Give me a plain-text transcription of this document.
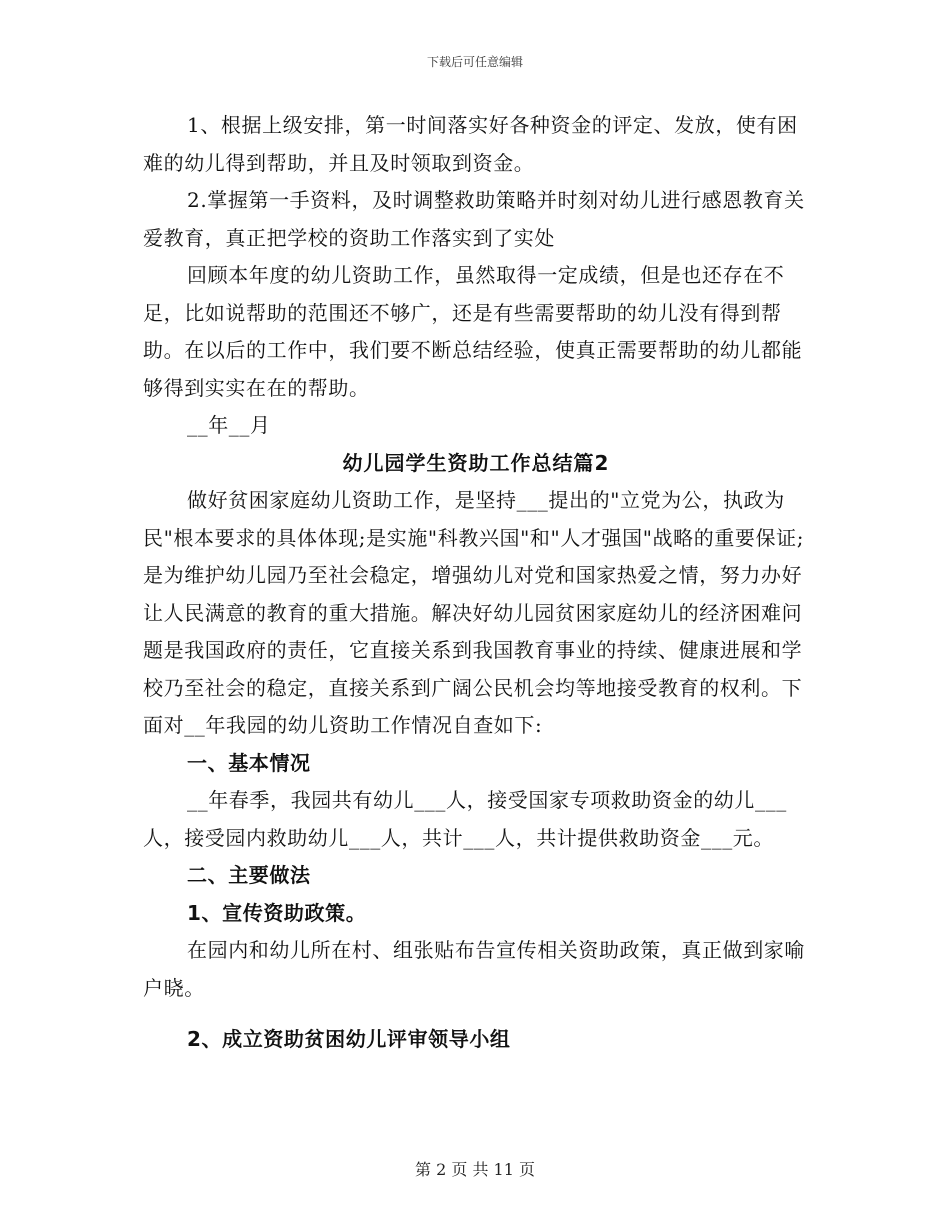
下载后可任意编辑

1、根据上级安排，第一时间落实好各种资金的评定、发放，使有困难的幼儿得到帮助，并且及时领取到资金。

2.掌握第一手资料，及时调整救助策略并时刻对幼儿进行感恩教育关爱教育，真正把学校的资助工作落实到了实处

回顾本年度的幼儿资助工作，虽然取得一定成绩，但是也还存在不足，比如说帮助的范围还不够广，还是有些需要帮助的幼儿没有得到帮助。在以后的工作中，我们要不断总结经验，使真正需要帮助的幼儿都能够得到实实在在的帮助。

__年__月

幼儿园学生资助工作总结篇2

做好贫困家庭幼儿资助工作，是坚持___提出的"立党为公，执政为民"根本要求的具体体现;是实施"科教兴国"和"人才强国"战略的重要保证;是为维护幼儿园乃至社会稳定，增强幼儿对党和国家热爱之情，努力办好让人民满意的教育的重大措施。解决好幼儿园贫困家庭幼儿的经济困难问题是我国政府的责任，它直接关系到我国教育事业的持续、健康进展和学校乃至社会的稳定，直接关系到广阔公民机会均等地接受教育的权利。下面对__年我园的幼儿资助工作情况自查如下:

一、基本情况

__年春季，我园共有幼儿___人，接受国家专项救助资金的幼儿___人，接受园内救助幼儿___人，共计___人，共计提供救助资金___元。

二、主要做法

1、宣传资助政策。

在园内和幼儿所在村、组张贴布告宣传相关资助政策，真正做到家喻户晓。

2、成立资助贫困幼儿评审领导小组

第 2 页 共 11 页
